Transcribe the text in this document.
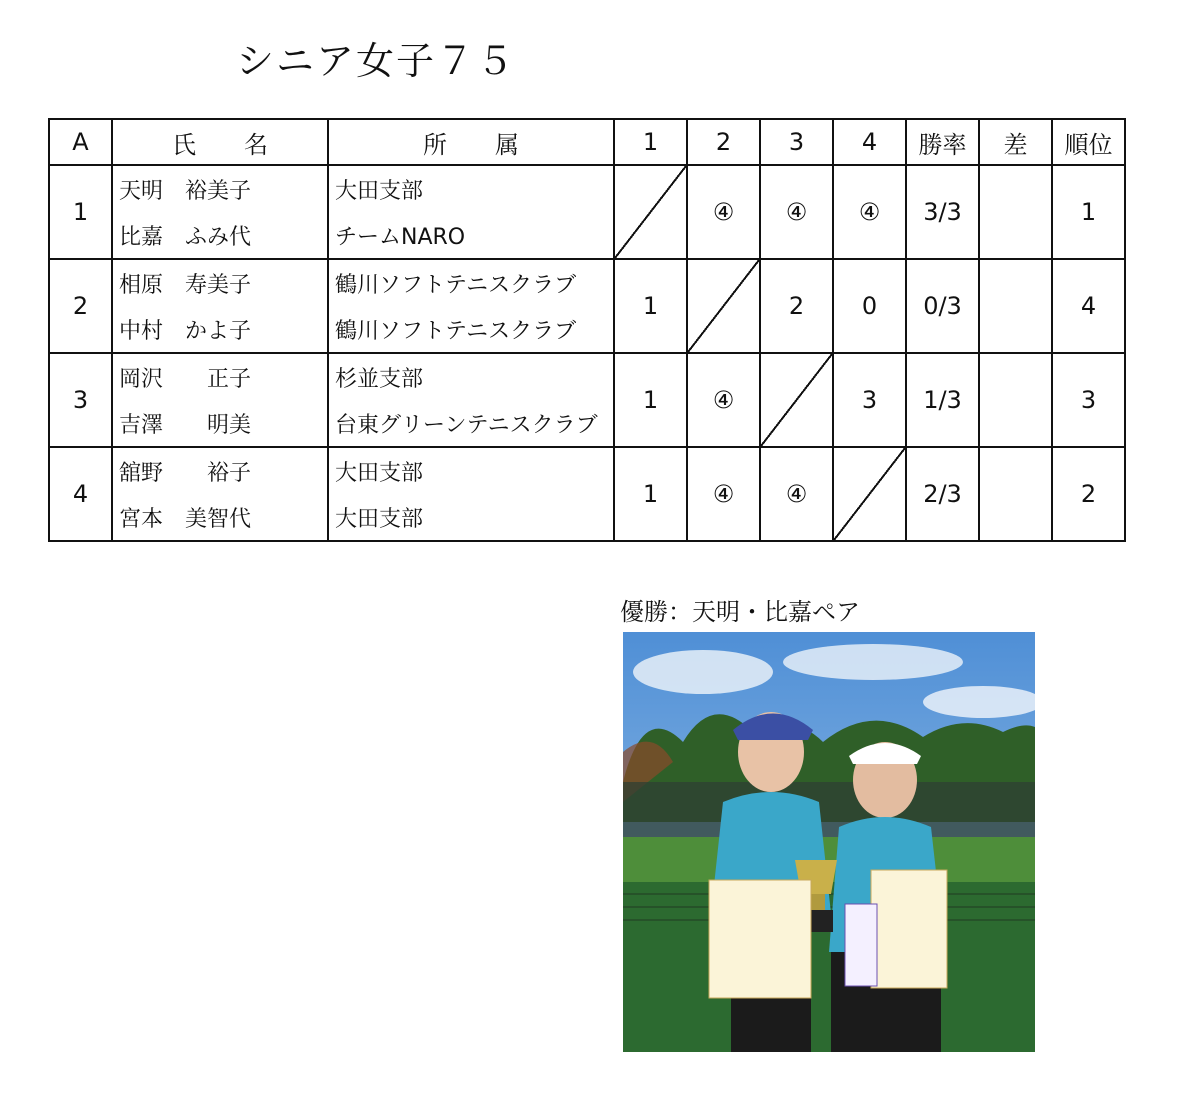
シニア女子７５
A	氏　　名	所　　属	1	2	3	4	勝率	差	順位
1	天明　裕美子	大田支部		④	④	④	3/3		1
	比嘉　ふみ代	チームNARO							
2	相原　寿美子	鶴川ソフトテニスクラブ	1		2	0	0/3		4
	中村　かよ子	鶴川ソフトテニスクラブ							
3	岡沢　　正子	杉並支部	1	④		3	1/3		3
	吉澤　　明美	台東グリーンテニスクラブ							
4	舘野　　裕子	大田支部	1	④	④		2/3		2
	宮本　美智代	大田支部							
優勝：天明・比嘉ペア
